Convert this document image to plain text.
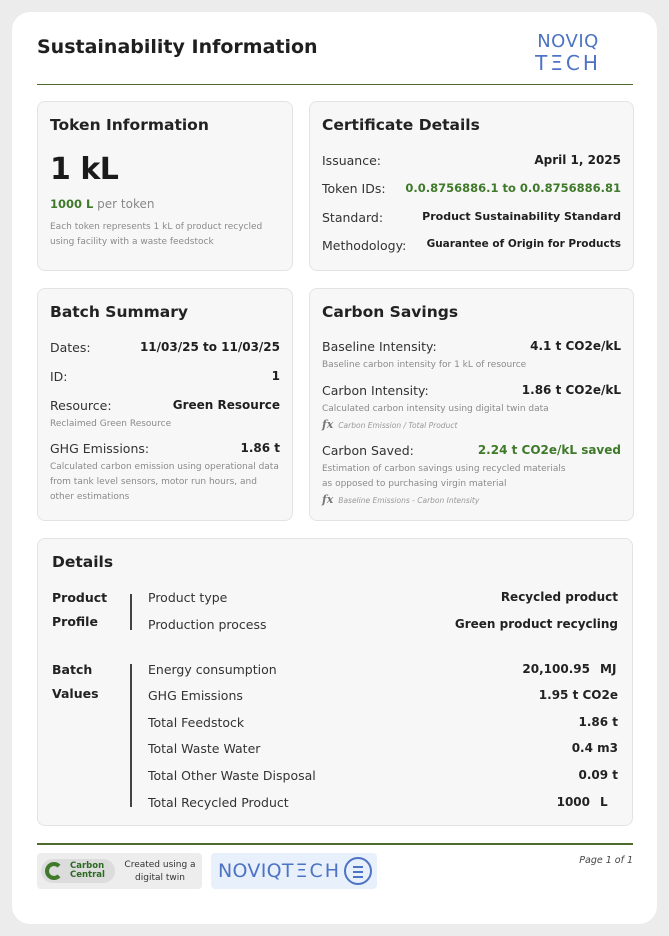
Sustainability Information	NOVIQ
TΞCH
Token Information
1 kL
1000 L per token
Each token represents 1 kL of product recycled using facility with a waste feedstock
Certificate Details
Issuance:	April 1, 2025
Token IDs: 0.0.8756886.1 to 0.0.8756886.81
Standard:	Product Sustainability Standard
Methodology: Guarantee of Origin for Products
Batch Summary
Dates:	11/03/25 to 11/03/25
ID:	1
Resource:	Green Resource
Reclaimed Green Resource
GHG Emissions:	1.86 t
Calculated carbon emission using operational data from tank level sensors, motor run hours, and other estimations
Carbon Savings
Baseline Intensity:	4.1 t CO2e/kL
Baseline carbon intensity for 1 kL of resource
Carbon Intensity:	1.86 t CO2e/kL
Calculated carbon intensity using digital twin data
fx Carbon Emission / Total Product
Carbon Saved:	2.24 t CO2e/kL saved
Estimation of carbon savings using recycled materials as opposed to purchasing virgin material
fx Baseline Emissions - Carbon Intensity
Details
Product
Profile
Product type	Recycled product
Production process	Green product recycling
Batch
Values
Energy consumption	20,100.95 MJ
GHG Emissions	1.95 t CO2e
Total Feedstock	1.86 t
Total Waste Water	0.4 m3
Total Other Waste Disposal	0.09 t
Total Recycled Product	1000 L
Carbon
Central
Created using a digital twin	NOVIQTΞCH	Page 1 of 1
